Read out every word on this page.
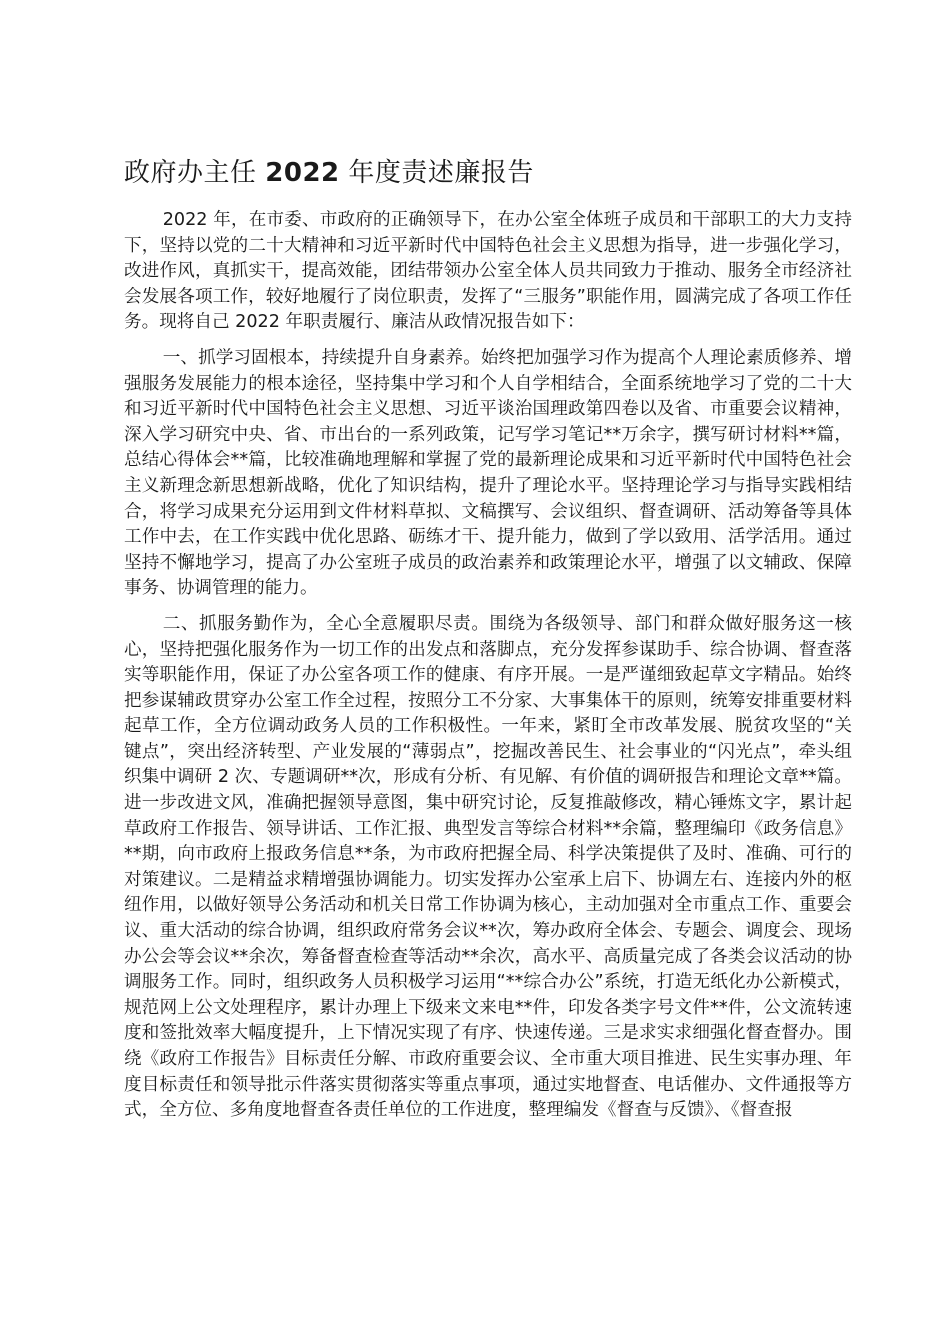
政府办主任 2022 年度责述廉报告

2022 年，在市委、市政府的正确领导下，在办公室全体班子成员和干部职工的大力支持下，坚持以党的二十大精神和习近平新时代中国特色社会主义思想为指导，进一步强化学习，改进作风，真抓实干，提高效能，团结带领办公室全体人员共同致力于推动、服务全市经济社会发展各项工作，较好地履行了岗位职责，发挥了“三服务”职能作用，圆满完成了各项工作任务。现将自己 2022 年职责履行、廉洁从政情况报告如下：

一、抓学习固根本，持续提升自身素养。始终把加强学习作为提高个人理论素质修养、增强服务发展能力的根本途径，坚持集中学习和个人自学相结合，全面系统地学习了党的二十大和习近平新时代中国特色社会主义思想、习近平谈治国理政第四卷以及省、市重要会议精神，深入学习研究中央、省、市出台的一系列政策，记写学习笔记**万余字，撰写研讨材料**篇，总结心得体会**篇，比较准确地理解和掌握了党的最新理论成果和习近平新时代中国特色社会主义新理念新思想新战略，优化了知识结构，提升了理论水平。坚持理论学习与指导实践相结合，将学习成果充分运用到文件材料草拟、文稿撰写、会议组织、督查调研、活动筹备等具体工作中去，在工作实践中优化思路、砺练才干、提升能力，做到了学以致用、活学活用。通过坚持不懈地学习，提高了办公室班子成员的政治素养和政策理论水平，增强了以文辅政、保障事务、协调管理的能力。

二、抓服务勤作为，全心全意履职尽责。围绕为各级领导、部门和群众做好服务这一核心，坚持把强化服务作为一切工作的出发点和落脚点，充分发挥参谋助手、综合协调、督查落实等职能作用，保证了办公室各项工作的健康、有序开展。一是严谨细致起草文字精品。始终把参谋辅政贯穿办公室工作全过程，按照分工不分家、大事集体干的原则，统筹安排重要材料起草工作，全方位调动政务人员的工作积极性。一年来，紧盯全市改革发展、脱贫攻坚的“关键点”，突出经济转型、产业发展的“薄弱点”，挖掘改善民生、社会事业的“闪光点”，牵头组织集中调研 2 次、专题调研**次，形成有分析、有见解、有价值的调研报告和理论文章**篇。进一步改进文风，准确把握领导意图，集中研究讨论，反复推敲修改，精心锤炼文字，累计起草政府工作报告、领导讲话、工作汇报、典型发言等综合材料**余篇，整理编印《政务信息》**期，向市政府上报政务信息**条，为市政府把握全局、科学决策提供了及时、准确、可行的对策建议。二是精益求精增强协调能力。切实发挥办公室承上启下、协调左右、连接内外的枢纽作用，以做好领导公务活动和机关日常工作协调为核心，主动加强对全市重点工作、重要会议、重大活动的综合协调，组织政府常务会议**次，筹办政府全体会、专题会、调度会、现场办公会等会议**余次，筹备督查检查等活动**余次，高水平、高质量完成了各类会议活动的协调服务工作。同时，组织政务人员积极学习运用“**综合办公”系统，打造无纸化办公新模式，规范网上公文处理程序，累计办理上下级来文来电**件，印发各类字号文件**件，公文流转速度和签批效率大幅度提升，上下情况实现了有序、快速传递。三是求实求细强化督查督办。围绕《政府工作报告》目标责任分解、市政府重要会议、全市重大项目推进、民生实事办理、年度目标责任和领导批示件落实贯彻落实等重点事项，通过实地督查、电话催办、文件通报等方式，全方位、多角度地督查各责任单位的工作进度，整理编发《督查与反馈》、《督查报
